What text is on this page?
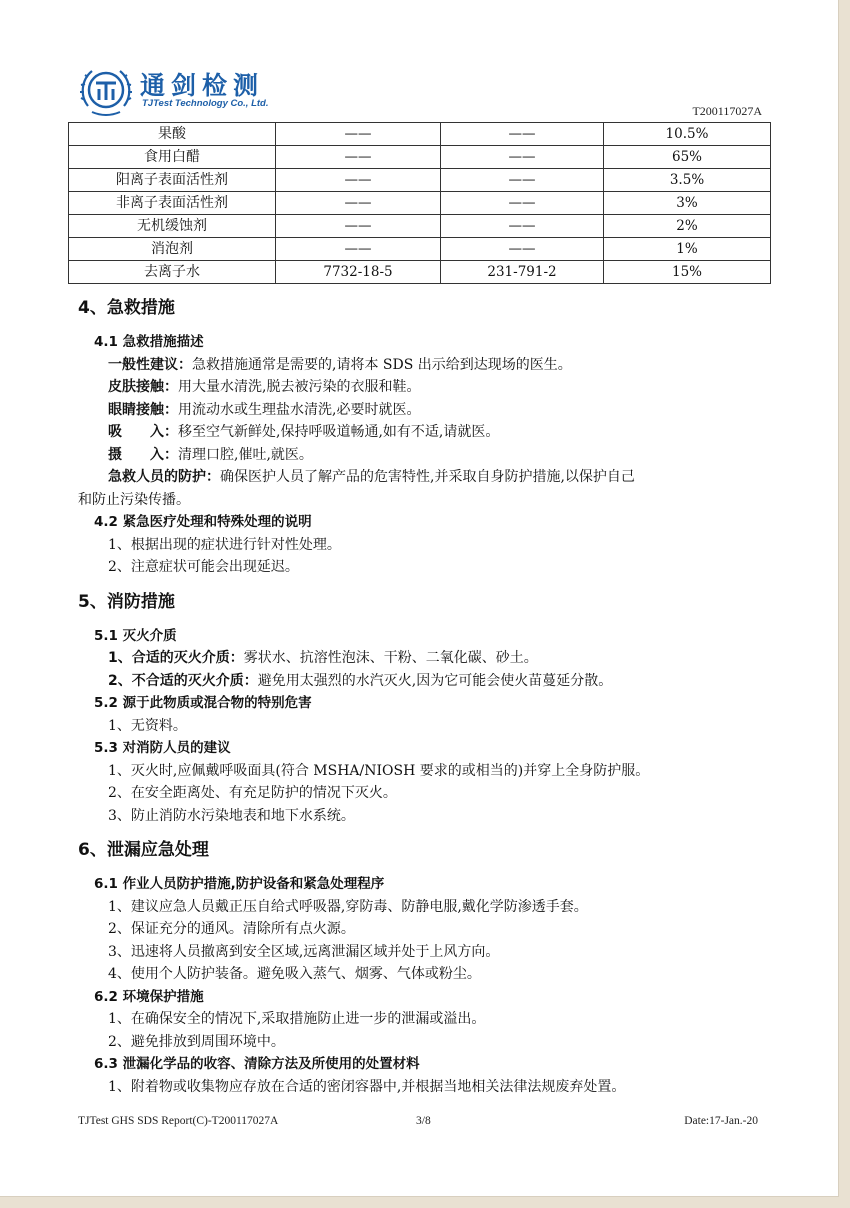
通剑检测
TJTest Technology Co., Ltd.
T200117027A
果酸	——	——	10.5%
食用白醋	——	——	65%
阳离子表面活性剂	——	——	3.5%
非离子表面活性剂	——	——	3%
无机缓蚀剂	——	——	2%
消泡剂	——	——	1%
去离子水	7732-18-5	231-791-2	15%
4、急救措施
4.1 急救措施描述
一般性建议：急救措施通常是需要的,请将本 SDS 出示给到达现场的医生。
皮肤接触：用大量水清洗,脱去被污染的衣服和鞋。
眼睛接触：用流动水或生理盐水清洗,必要时就医。
吸　　入：移至空气新鲜处,保持呼吸道畅通,如有不适,请就医。
摄　　入：清理口腔,催吐,就医。
急救人员的防护：确保医护人员了解产品的危害特性,并采取自身防护措施,以保护自己
和防止污染传播。
4.2 紧急医疗处理和特殊处理的说明
1、根据出现的症状进行针对性处理。
2、注意症状可能会出现延迟。
5、消防措施
5.1 灭火介质
1、合适的灭火介质：雾状水、抗溶性泡沫、干粉、二氧化碳、砂土。
2、不合适的灭火介质：避免用太强烈的水汽灭火,因为它可能会使火苗蔓延分散。
5.2 源于此物质或混合物的特别危害
1、无资料。
5.3 对消防人员的建议
1、灭火时,应佩戴呼吸面具(符合 MSHA/NIOSH 要求的或相当的)并穿上全身防护服。
2、在安全距离处、有充足防护的情况下灭火。
3、防止消防水污染地表和地下水系统。
6、泄漏应急处理
6.1 作业人员防护措施,防护设备和紧急处理程序
1、建议应急人员戴正压自给式呼吸器,穿防毒、防静电服,戴化学防渗透手套。
2、保证充分的通风。清除所有点火源。
3、迅速将人员撤离到安全区域,远离泄漏区域并处于上风方向。
4、使用个人防护装备。避免吸入蒸气、烟雾、气体或粉尘。
6.2 环境保护措施
1、在确保安全的情况下,采取措施防止进一步的泄漏或溢出。
2、避免排放到周围环境中。
6.3 泄漏化学品的收容、清除方法及所使用的处置材料
1、附着物或收集物应存放在合适的密闭容器中,并根据当地相关法律法规废弃处置。
TJTest GHS SDS Report(C)-T200117027A	3/8	Date:17-Jan.-20
